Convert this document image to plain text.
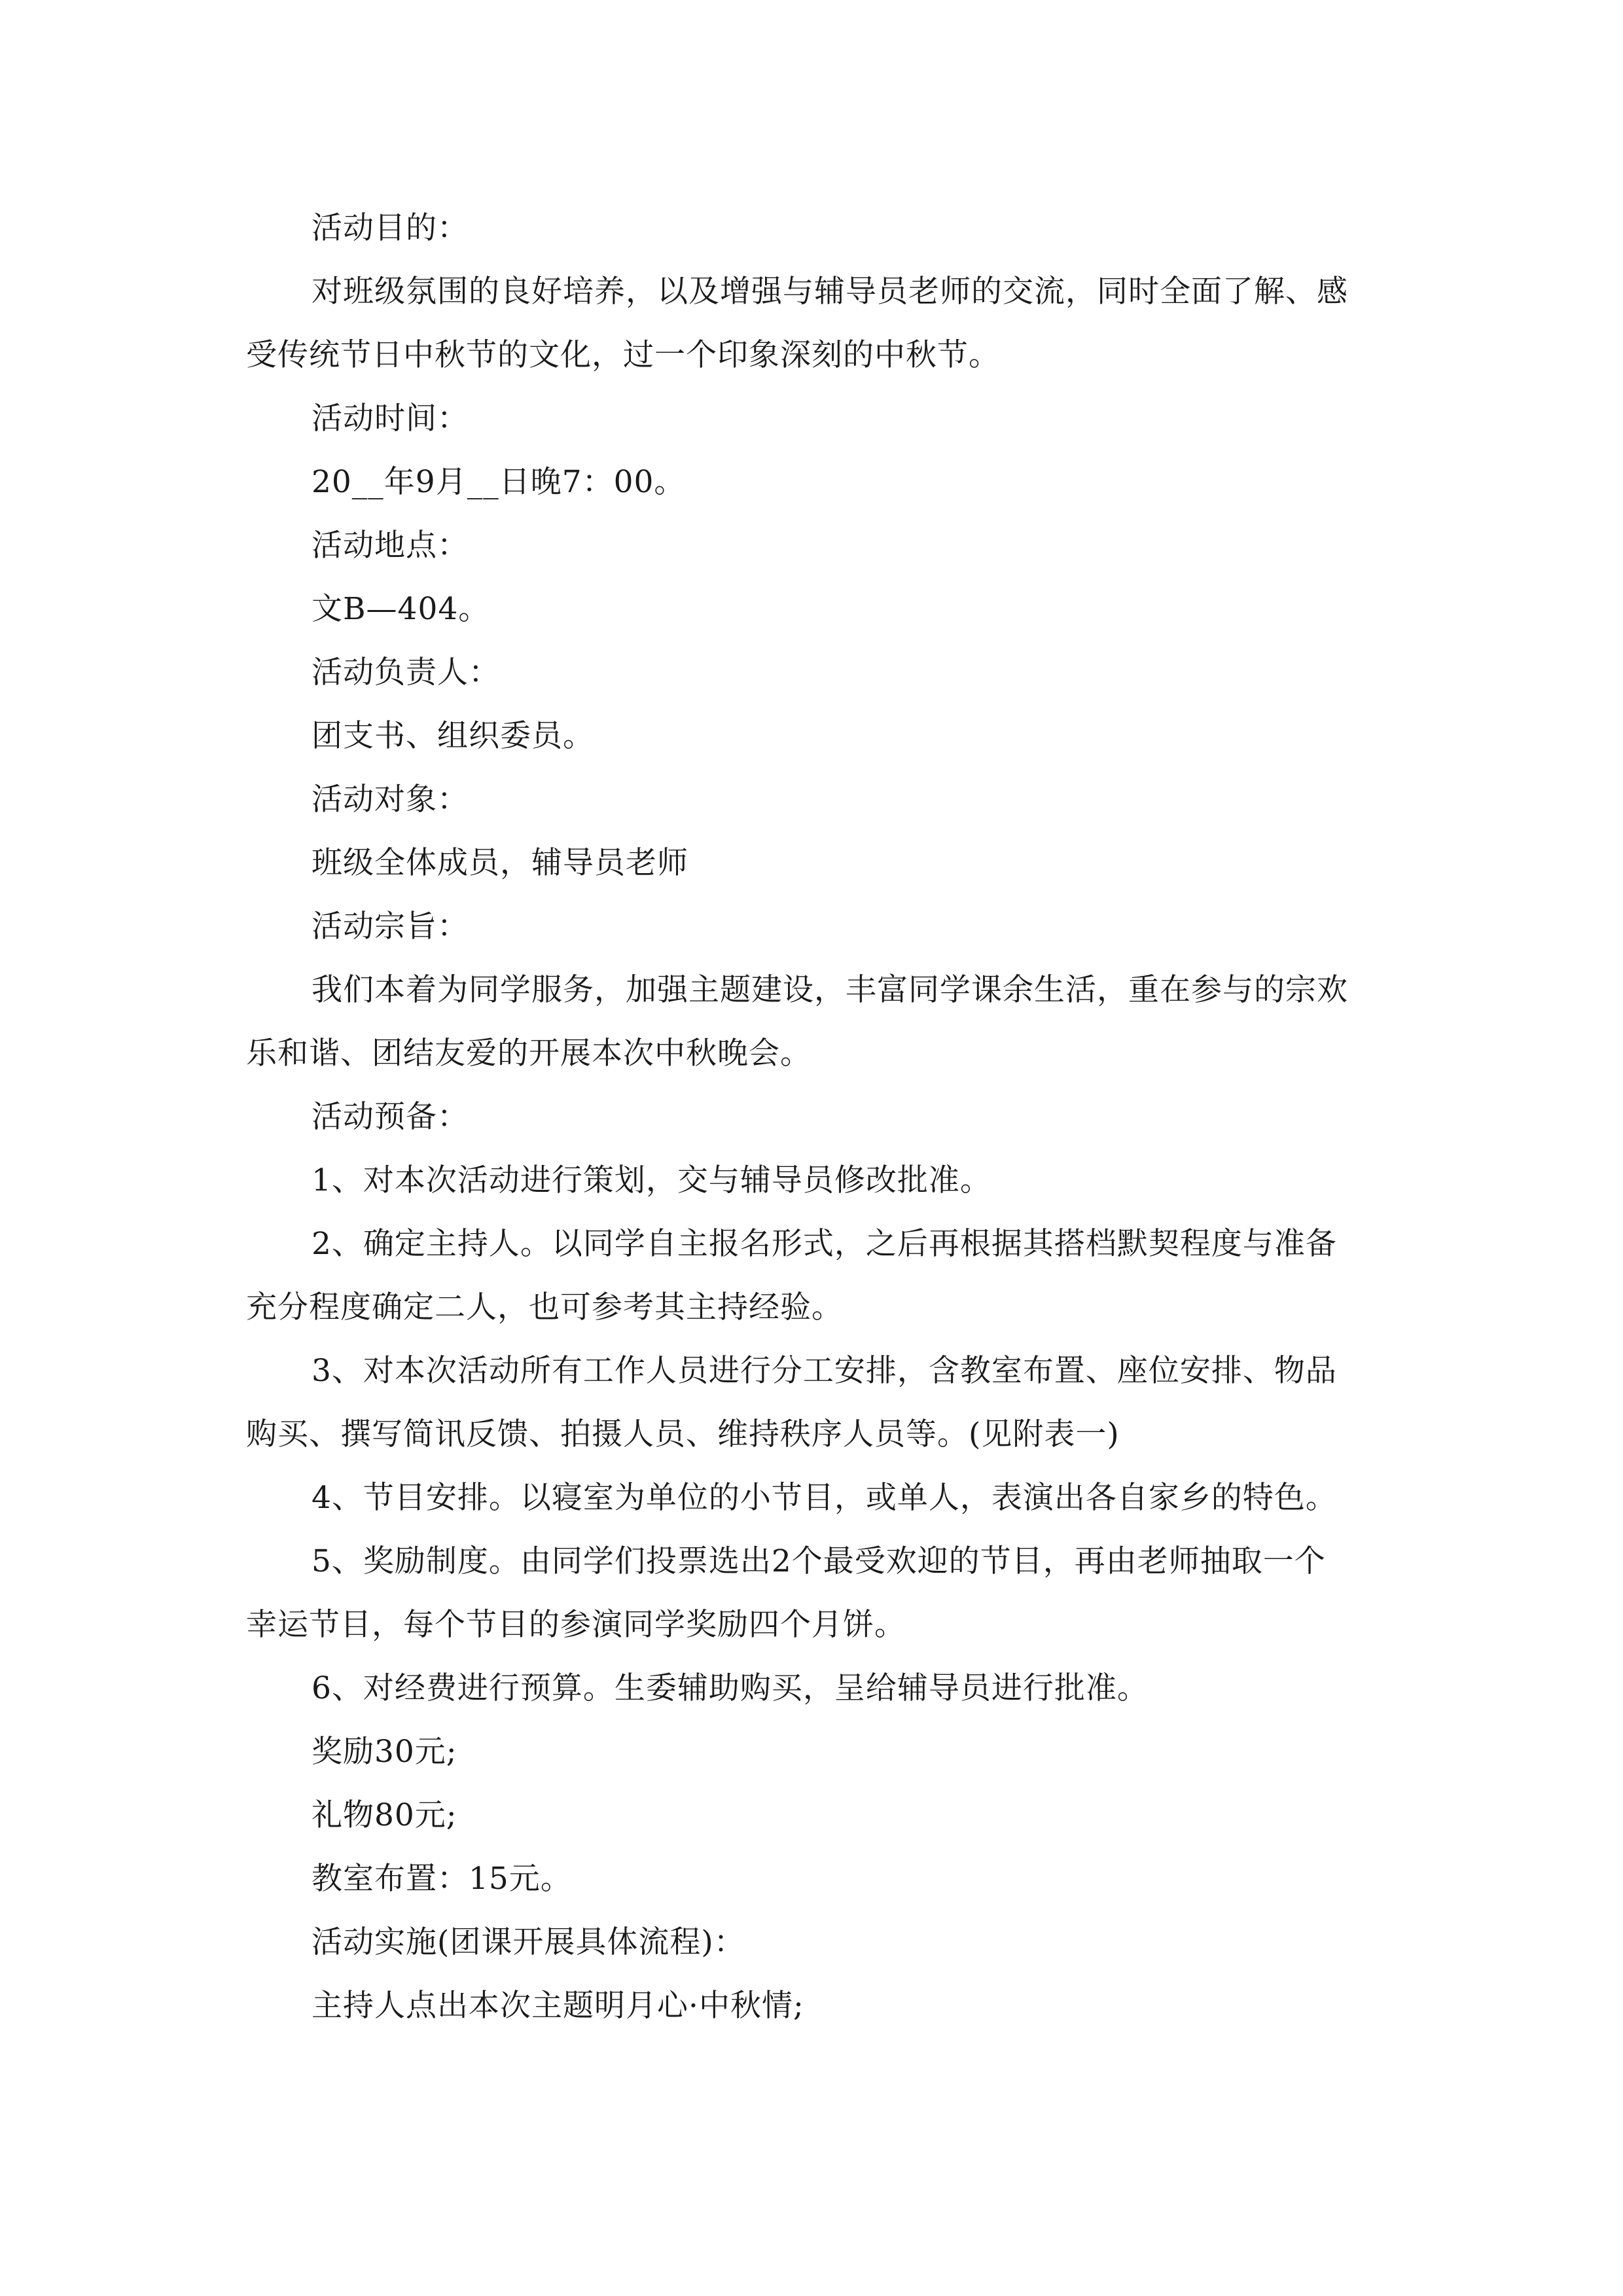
活动目的：

对班级氛围的良好培养，以及增强与辅导员老师的交流，同时全面了解、感

受传统节日中秋节的文化，过一个印象深刻的中秋节。

活动时间：

20__年9月__日晚7：00。

活动地点：

文B—404。

活动负责人：

团支书、组织委员。

活动对象：

班级全体成员，辅导员老师

活动宗旨：

我们本着为同学服务，加强主题建设，丰富同学课余生活，重在参与的宗欢

乐和谐、团结友爱的开展本次中秋晚会。

活动预备：

1、对本次活动进行策划，交与辅导员修改批准。

2、确定主持人。以同学自主报名形式，之后再根据其搭档默契程度与准备

充分程度确定二人，也可参考其主持经验。

3、对本次活动所有工作人员进行分工安排，含教室布置、座位安排、物品

购买、撰写简讯反馈、拍摄人员、维持秩序人员等。(见附表一)

4、节目安排。以寝室为单位的小节目，或单人，表演出各自家乡的特色。

5、奖励制度。由同学们投票选出2个最受欢迎的节目，再由老师抽取一个

幸运节目，每个节目的参演同学奖励四个月饼。

6、对经费进行预算。生委辅助购买，呈给辅导员进行批准。

奖励30元;

礼物80元;

教室布置：15元。

活动实施(团课开展具体流程)：

主持人点出本次主题明月心·中秋情;
